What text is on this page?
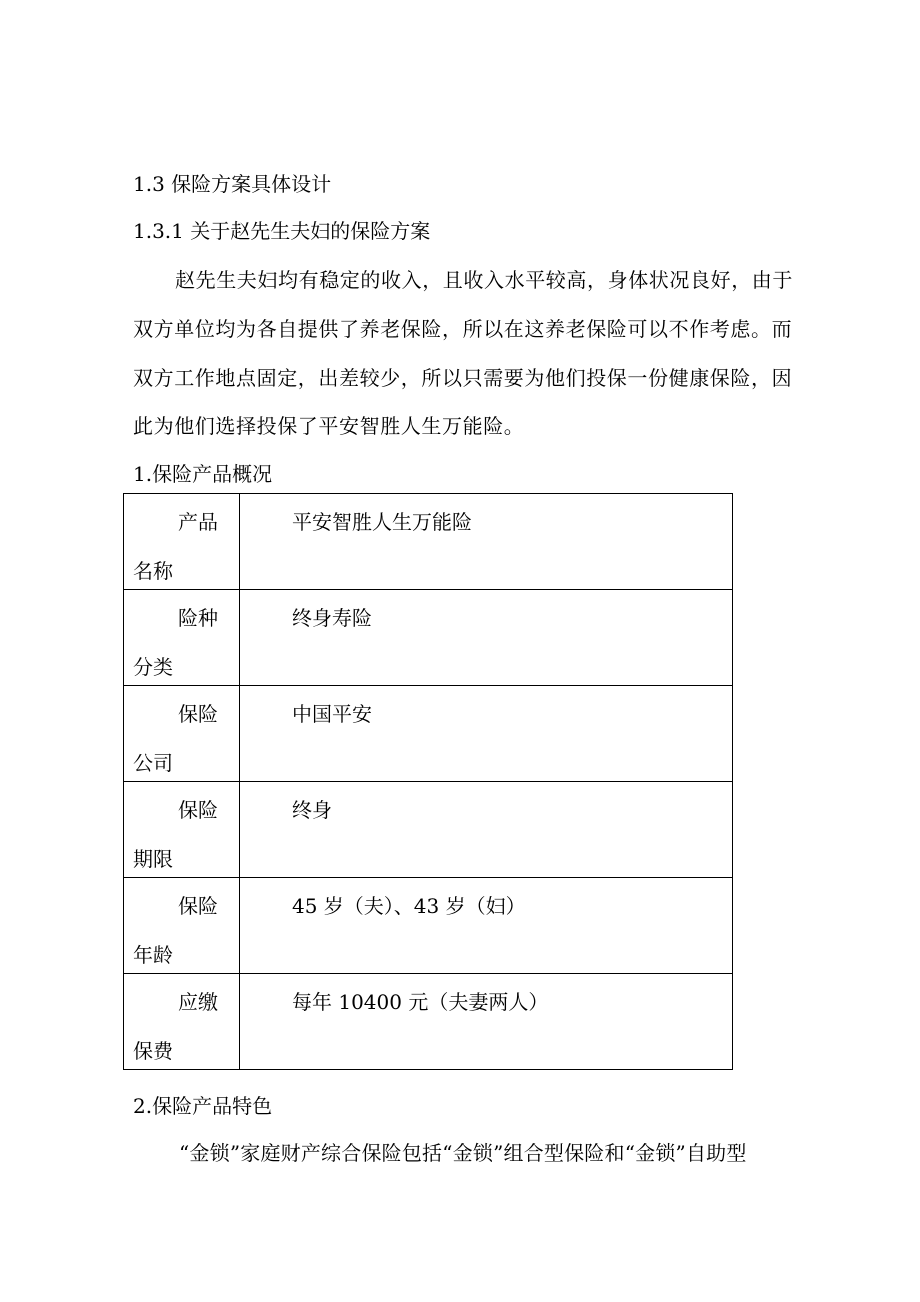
1.3 保险方案具体设计
1.3.1 关于赵先生夫妇的保险方案
赵先生夫妇均有稳定的收入，且收入水平较高，身体状况良好，由于
双方单位均为各自提供了养老保险，所以在这养老保险可以不作考虑。而
双方工作地点固定，出差较少，所以只需要为他们投保一份健康保险，因
此为他们选择投保了平安智胜人生万能险。
1.保险产品概况
产品
名称	平安智胜人生万能险

险种
分类	终身寿险

保险
公司	中国平安

保险
期限	终身

保险
年龄	45 岁（夫）、43 岁（妇）

应缴
保费	每年 10400 元（夫妻两人）
2.保险产品特色
“金锁”家庭财产综合保险包括“金锁”组合型保险和“金锁”自助型
